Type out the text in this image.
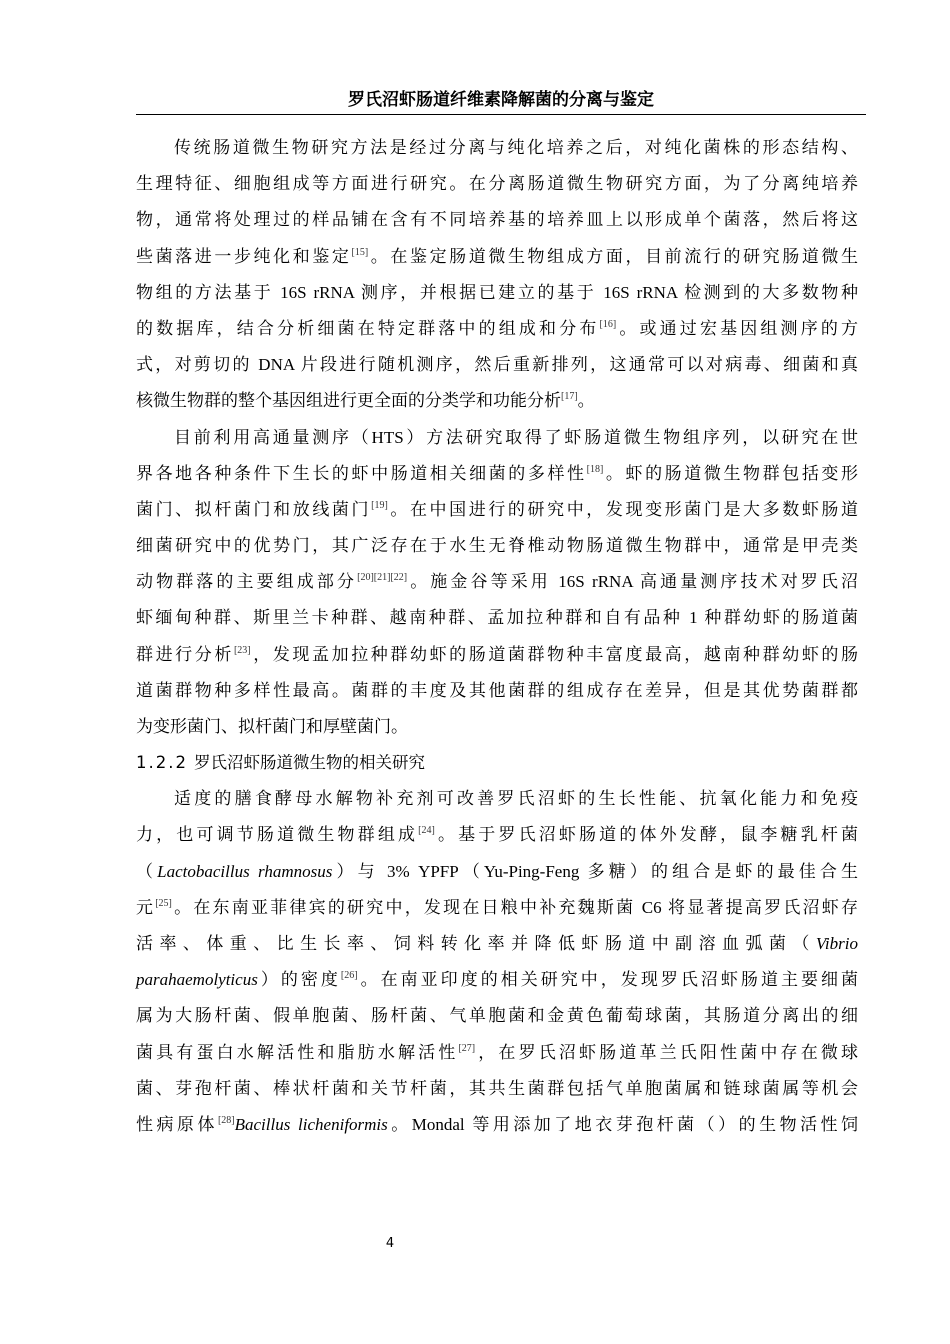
罗氏沼虾肠道纤维素降解菌的分离与鉴定
传统肠道微生物研究方法是经过分离与纯化培养之后，对纯化菌株的形态结构、
生理特征、细胞组成等方面进行研究。在分离肠道微生物研究方面，为了分离纯培养
物，通常将处理过的样品铺在含有不同培养基的培养皿上以形成单个菌落，然后将这
些菌落进一步纯化和鉴定[15]。在鉴定肠道微生物组成方面，目前流行的研究肠道微生
物组的方法基于 16S rRNA 测序，并根据已建立的基于 16S rRNA 检测到的大多数物种
的数据库，结合分析细菌在特定群落中的组成和分布[16]。或通过宏基因组测序的方
式，对剪切的 DNA 片段进行随机测序，然后重新排列，这通常可以对病毒、细菌和真
核微生物群的整个基因组进行更全面的分类学和功能分析[17]。
目前利用高通量测序（HTS）方法研究取得了虾肠道微生物组序列，以研究在世
界各地各种条件下生长的虾中肠道相关细菌的多样性[18]。虾的肠道微生物群包括变形
菌门、拟杆菌门和放线菌门[19]。在中国进行的研究中，发现变形菌门是大多数虾肠道
细菌研究中的优势门，其广泛存在于水生无脊椎动物肠道微生物群中，通常是甲壳类
动物群落的主要组成部分[20][21][22]。施金谷等采用 16S rRNA 高通量测序技术对罗氏沼
虾缅甸种群、斯里兰卡种群、越南种群、孟加拉种群和自有品种 1 种群幼虾的肠道菌
群进行分析[23]，发现孟加拉种群幼虾的肠道菌群物种丰富度最高，越南种群幼虾的肠
道菌群物种多样性最高。菌群的丰度及其他菌群的组成存在差异，但是其优势菌群都
为变形菌门、拟杆菌门和厚壁菌门。
1.2.2 罗氏沼虾肠道微生物的相关研究
适度的膳食酵母水解物补充剂可改善罗氏沼虾的生长性能、抗氧化能力和免疫
力，也可调节肠道微生物群组成[24]。基于罗氏沼虾肠道的体外发酵，鼠李糖乳杆菌
（Lactobacillus rhamnosus）与 3% YPFP（Yu-Ping-Feng 多糖）的组合是虾的最佳合生
元[25]。在东南亚菲律宾的研究中，发现在日粮中补充魏斯菌 C6 将显著提高罗氏沼虾存
活率、体重、比生长率、饲料转化率并降低虾肠道中副溶血弧菌（Vibrio
parahaemolyticus）的密度[26]。在南亚印度的相关研究中，发现罗氏沼虾肠道主要细菌
属为大肠杆菌、假单胞菌、肠杆菌、气单胞菌和金黄色葡萄球菌，其肠道分离出的细
菌具有蛋白水解活性和脂肪水解活性[27]，在罗氏沼虾肠道革兰氏阳性菌中存在微球
菌、芽孢杆菌、棒状杆菌和关节杆菌，其共生菌群包括气单胞菌属和链球菌属等机会
性病原体[28]Bacillus licheniformis。Mondal 等用添加了地衣芽孢杆菌（）的生物活性饲
4
